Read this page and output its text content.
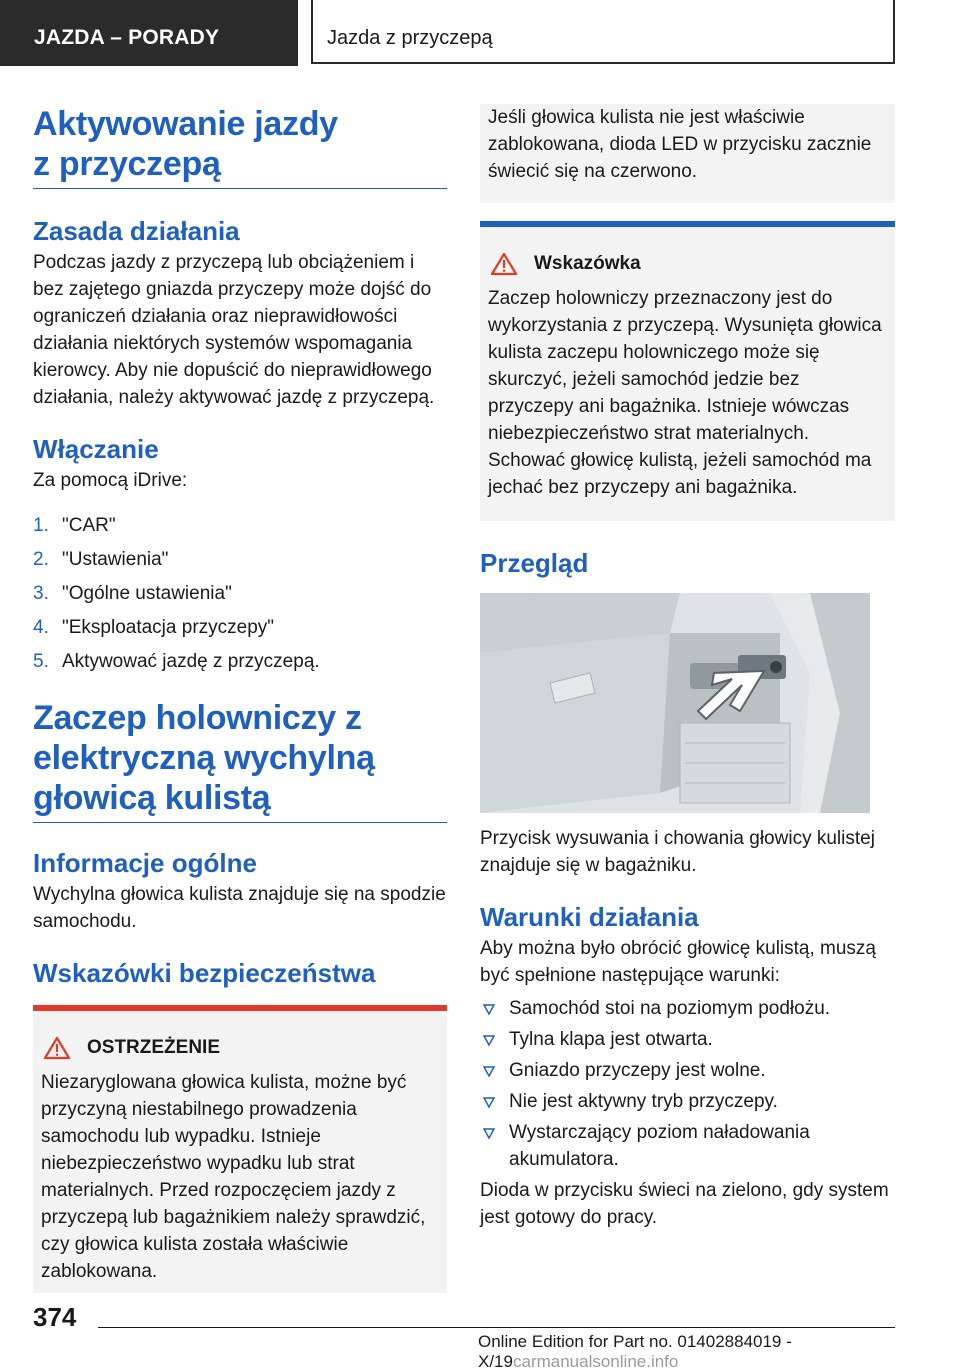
JAZDA – PORADY	Jazda z przyczepą
Aktywowanie jazdy z przyczepą
Zasada działania

Podczas jazdy z przyczepą lub obciążeniem i bez zajętego gniazda przyczepy może dojść do ograniczeń działania oraz nieprawidłowości działania niektórych systemów wspomagania kierowcy. Aby nie dopuścić do nieprawidłowego działania, należy aktywować jazdę z przyczepą.

Włączanie

Za pomocą iDrive:

1. "CAR"
2. "Ustawienia"
3. "Ogólne ustawienia"
4. "Eksploatacja przyczepy"
5. Aktywować jazdę z przyczepą.
Zaczep holowniczy z elektryczną wychylną głowicą kulistą
Informacje ogólne

Wychylna głowica kulista znajduje się na spodzie samochodu.

Wskazówki bezpieczeństwa
OSTRZEŻENIE
Niezaryglowana głowica kulista, możne być przyczyną niestabilnego prowadzenia samochodu lub wypadku. Istnieje niebezpieczeństwo wypadku lub strat materialnych. Przed rozpoczęciem jazdy z przyczepą lub bagażnikiem należy sprawdzić, czy głowica kulista została właściwie zablokowana.
Jeśli głowica kulista nie jest właściwie zablokowana, dioda LED w przycisku zacznie świecić się na czerwono.
Wskazówka
Zaczep holowniczy przeznaczony jest do wykorzystania z przyczepą. Wysunięta głowica kulista zaczepu holowniczego może się skurczyć, jeżeli samochód jedzie bez przyczepy ani bagażnika. Istnieje wówczas niebezpieczeństwo strat materialnych. Schować głowicę kulistą, jeżeli samochód ma jechać bez przyczepy ani bagażnika.
Przegląd

Przycisk wysuwania i chowania głowicy kulistej znajduje się w bagażniku.

Warunki działania

Aby można było obrócić głowicę kulistą, muszą być spełnione następujące warunki:

Samochód stoi na poziomym podłożu.
Tylna klapa jest otwarta.
Gniazdo przyczepy jest wolne.
Nie jest aktywny tryb przyczepy.
Wystarczający poziom naładowania akumulatora.

Dioda w przycisku świeci na zielono, gdy system jest gotowy do pracy.

374
Online Edition for Part no. 01402884019 - X/19carmanualsonline.info
